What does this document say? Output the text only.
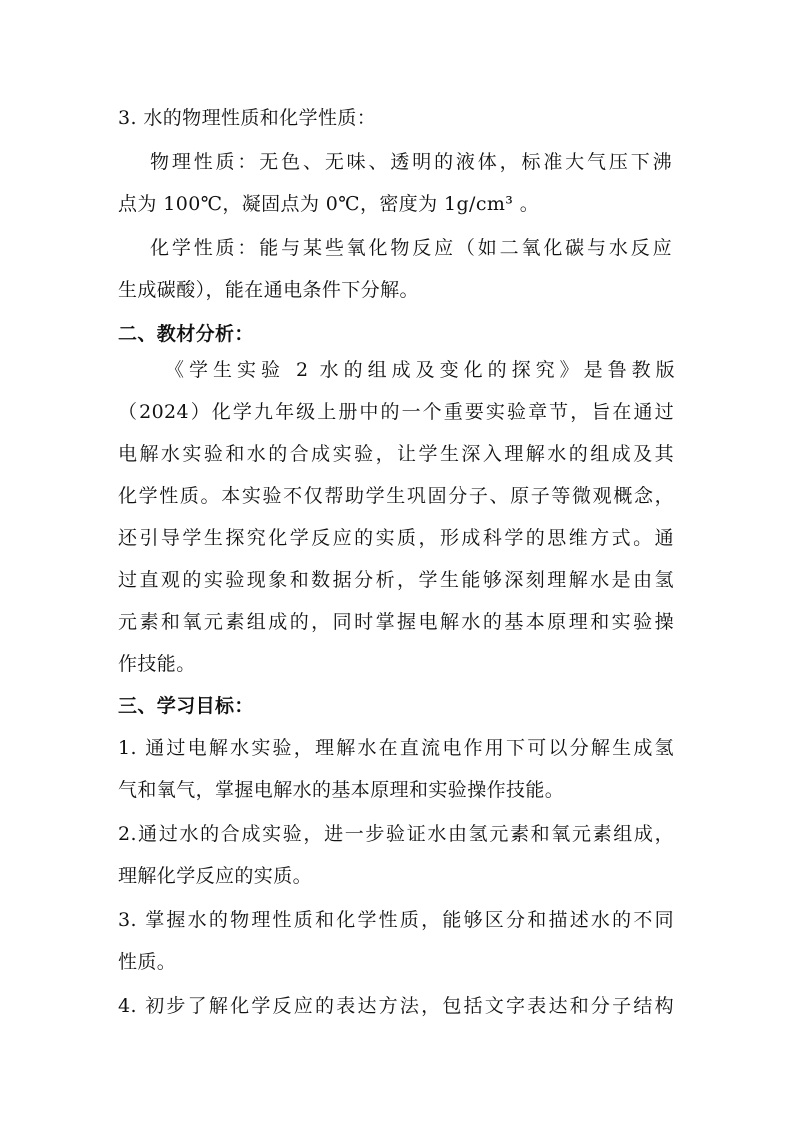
3. 水的物理性质和化学性质：
物理性质：无色、无味、透明的液体，标准大气压下沸
点为 100℃，凝固点为 0℃，密度为 1g/cm³ 。
化学性质：能与某些氧化物反应（如二氧化碳与水反应
生成碳酸），能在通电条件下分解。
二、教材分析：
《学生实验 2 水的组成及变化的探究》是鲁教版
（2024）化学九年级上册中的一个重要实验章节，旨在通过
电解水实验和水的合成实验，让学生深入理解水的组成及其
化学性质。本实验不仅帮助学生巩固分子、原子等微观概念，
还引导学生探究化学反应的实质，形成科学的思维方式。通
过直观的实验现象和数据分析，学生能够深刻理解水是由氢
元素和氧元素组成的，同时掌握电解水的基本原理和实验操
作技能。
三、学习目标：
1. 通过电解水实验，理解水在直流电作用下可以分解生成氢
气和氧气，掌握电解水的基本原理和实验操作技能。
2.通过水的合成实验，进一步验证水由氢元素和氧元素组成，
理解化学反应的实质。
3. 掌握水的物理性质和化学性质，能够区分和描述水的不同
性质。
4. 初步了解化学反应的表达方法，包括文字表达和分子结构
